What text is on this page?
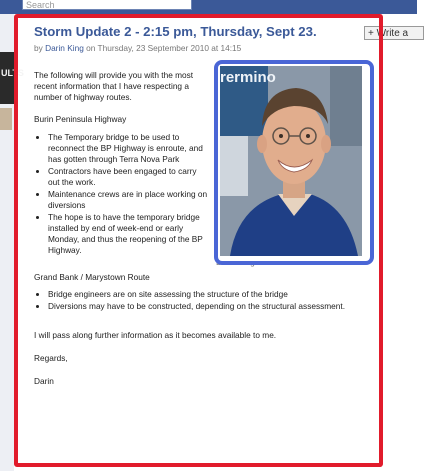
Search
ULTS
+ Write a
Storm Update 2 - 2:15 pm, Thursday, Sept 23.
by Darin King on Thursday, 23 September 2010 at 14:15

The following will provide you with the most recent information that I have respecting a number of highway routes.

Burin Peninsula Highway

• The Temporary bridge to be used to reconnect the BP Highway is enroute, and has gotten through Terra Nova Park
• Contractors have been engaged to carry out the work.
• Maintenance crews are in place working on diversions
• The hope is to have the temporary bridge installed by end of week-end or early Monday, and thus the reopening of the BP Highway.

Grand Bank / Marystown Route

• Bridge engineers are on site assessing the structure of the bridge
• Diversions may have to be constructed, depending on the structural assessment.

I will pass along further information as it becomes available to me.

Regards,

Darin

rermino
